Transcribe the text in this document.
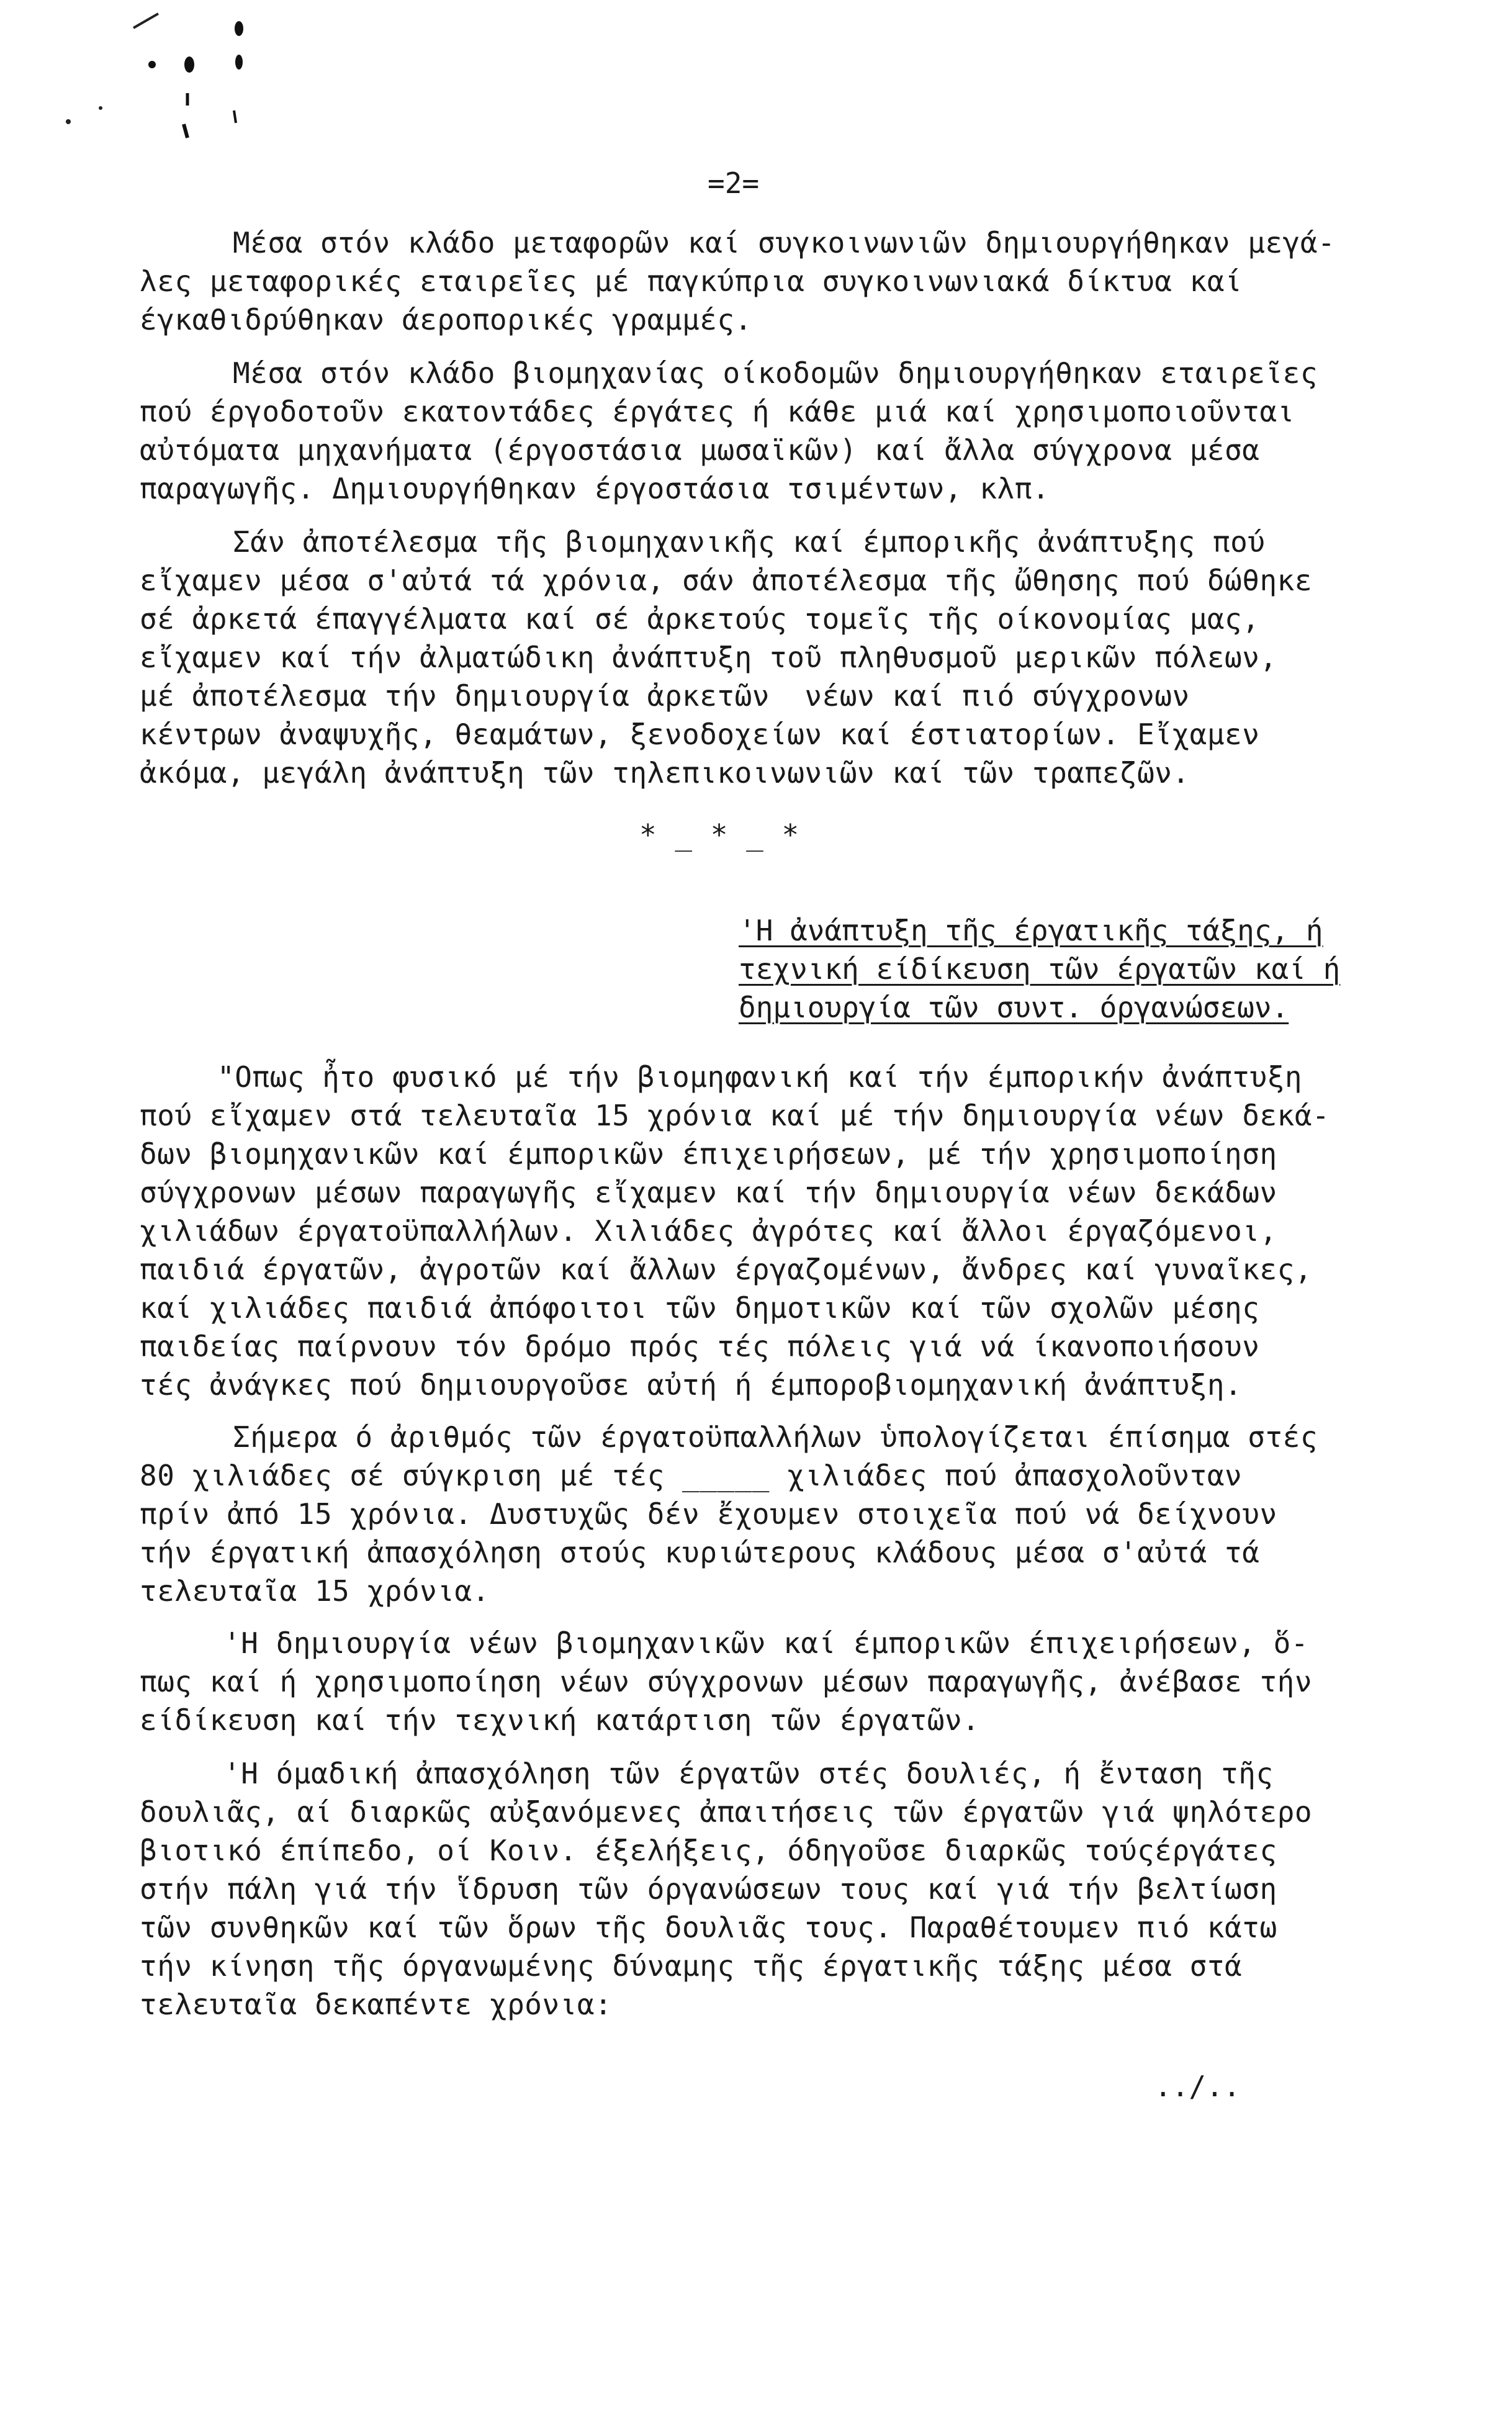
=2=
Μέσα στόν κλάδο μεταφορῶν καί συγκοινωνιῶν δημιουργήθηκαν μεγά-
λες μεταφορικές εταιρεῖες μέ παγκύπρια συγκοινωνιακά δίκτυα καί
έγκαθιδρύθηκαν άεροπορικές γραμμές.
Μέσα στόν κλάδο βιομηχανίας οίκοδομῶν δημιουργήθηκαν εταιρεῖες
πού έργοδοτοῦν εκατοντάδες έργάτες ή κάθε μιά καί χρησιμοποιοῦνται
αὐτόματα μηχανήματα (έργοστάσια μωσαϊκῶν) καί ἄλλα σύγχρονα μέσα
παραγωγῆς. Δημιουργήθηκαν έργοστάσια τσιμέντων, κλπ.
Σάν ἀποτέλεσμα τῆς βιομηχανικῆς καί έμπορικῆς ἀνάπτυξης πού
εἴχαμεν μέσα σ'αὐτά τά χρόνια, σάν ἀποτέλεσμα τῆς ὤθησης πού δώθηκε
σέ ἀρκετά έπαγγέλματα καί σέ ἀρκετούς τομεῖς τῆς οίκονομίας μας,
εἴχαμεν καί τήν ἀλματώδικη ἀνάπτυξη τοῦ πληθυσμοῦ μερικῶν πόλεων,
μέ ἀποτέλεσμα τήν δημιουργία ἀρκετῶν  νέων καί πιό σύγχρονων
κέντρων ἀναψυχῆς, θεαμάτων, ξενοδοχείων καί έστιατορίων. Εἴχαμεν
ἀκόμα, μεγάλη ἀνάπτυξη τῶν τηλεπικοινωνιῶν καί τῶν τραπεζῶν.
* _ * _ *
'Η ἀνάπτυξη τῆς έργατικῆς τάξης, ή
τεχνική είδίκευση τῶν έργατῶν καί ή
δημιουργία τῶν συντ. όργανώσεων.
"Οπως ἦτο φυσικό μέ τήν βιομηφανική καί τήν έμπορικήν ἀνάπτυξη
πού εἴχαμεν στά τελευταῖα 15 χρόνια καί μέ τήν δημιουργία νέων δεκά-
δων βιομηχανικῶν καί έμπορικῶν έπιχειρήσεων, μέ τήν χρησιμοποίηση
σύγχρονων μέσων παραγωγῆς εἴχαμεν καί τήν δημιουργία νέων δεκάδων
χιλιάδων έργατοϋπαλλήλων. Χιλιάδες ἀγρότες καί ἄλλοι έργαζόμενοι,
παιδιά έργατῶν, ἀγροτῶν καί ἄλλων έργαζομένων, ἄνδρες καί γυναῖκες,
καί χιλιάδες παιδιά ἀπόφοιτοι τῶν δημοτικῶν καί τῶν σχολῶν μέσης
παιδείας παίρνουν τόν δρόμο πρός τές πόλεις γιά νά ίκανοποιήσουν
τές ἀνάγκες πού δημιουργοῦσε αὐτή ή έμποροβιομηχανική ἀνάπτυξη.
Σήμερα ό ἀριθμός τῶν έργατοϋπαλλήλων ὑπολογίζεται έπίσημα στές
80 χιλιάδες σέ σύγκριση μέ τές _____ χιλιάδες πού ἀπασχολοῦνταν
πρίν ἀπό 15 χρόνια. Δυστυχῶς δέν ἔχουμεν στοιχεῖα πού νά δείχνουν
τήν έργατική ἀπασχόληση στούς κυριώτερους κλάδους μέσα σ'αὐτά τά
τελευταῖα 15 χρόνια.
'Η δημιουργία νέων βιομηχανικῶν καί έμπορικῶν έπιχειρήσεων, ὅ-
πως καί ή χρησιμοποίηση νέων σύγχρονων μέσων παραγωγῆς, ἀνέβασε τήν
είδίκευση καί τήν τεχνική κατάρτιση τῶν έργατῶν.
'Η όμαδική ἀπασχόληση τῶν έργατῶν στές δουλιές, ή ἔνταση τῆς
δουλιᾶς, αί διαρκῶς αὐξανόμενες ἀπαιτήσεις τῶν έργατῶν γιά ψηλότερο
βιοτικό έπίπεδο, οί Κοιν. έξελήξεις, όδηγοῦσε διαρκῶς τούςέργάτες
στήν πάλη γιά τήν ἵδρυση τῶν όργανώσεων τους καί γιά τήν βελτίωση
τῶν συνθηκῶν καί τῶν ὅρων τῆς δουλιᾶς τους. Παραθέτουμεν πιό κάτω
τήν κίνηση τῆς όργανωμένης δύναμης τῆς έργατικῆς τάξης μέσα στά
τελευταῖα δεκαπέντε χρόνια:
../..
